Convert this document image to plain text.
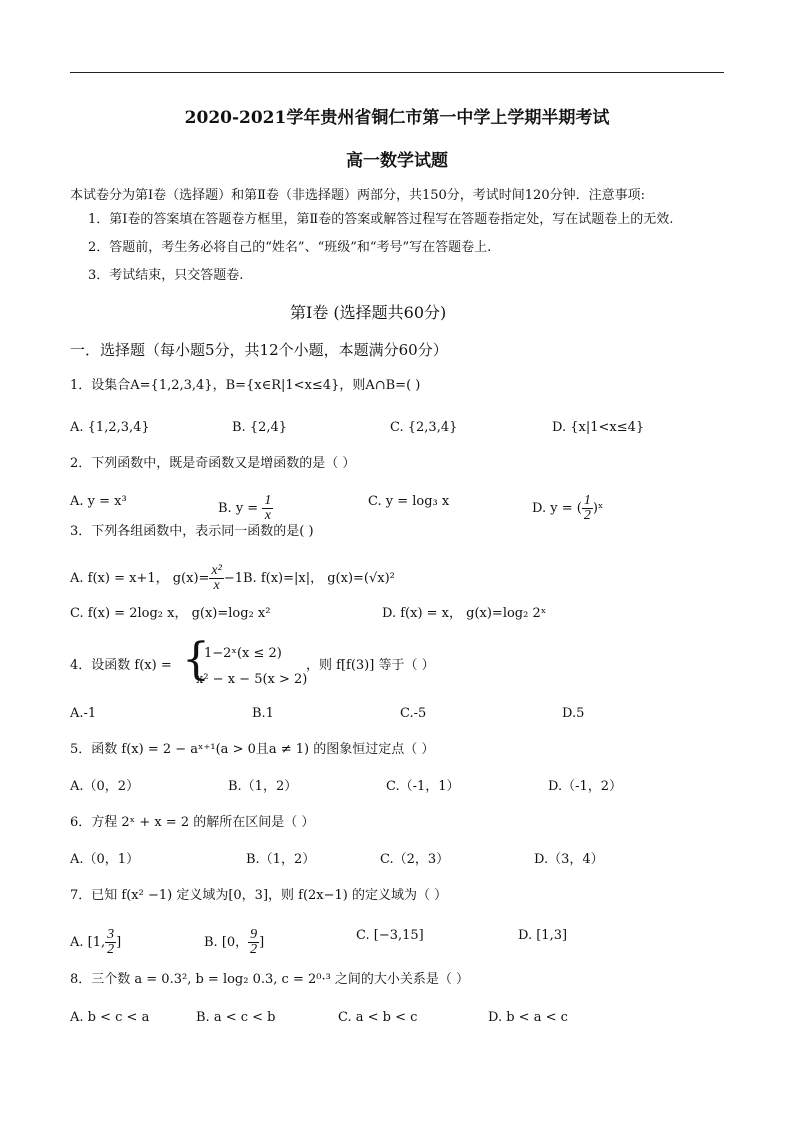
2020-2021学年贵州省铜仁市第一中学上学期半期考试
高一数学试题
本试卷分为第Ⅰ卷（选择题）和第Ⅱ卷（非选择题）两部分，共150分，考试时间120分钟．注意事项:
1．第Ⅰ卷的答案填在答题卷方框里，第Ⅱ卷的答案或解答过程写在答题卷指定处，写在试题卷上的无效.
2．答题前，考生务必将自己的“姓名”、“班级”和“考号”写在答题卷上.
3．考试结束，只交答题卷.
第Ⅰ卷 (选择题共60分)
一．选择题（每小题5分，共12个小题，本题满分60分）
1．设集合A={1,2,3,4}，B={x∈R|1<x≤4}，则A∩B=( )
A. {1,2,3,4}	B. {2,4}	C. {2,3,4}	D. {x|1<x≤4}
2．下列函数中，既是奇函数又是增函数的是（ ）
A. y = x³	B. $y = \frac{1}{x}$	C. y = log₃ x	D. y = ( $\frac{1}{2}$ )ˣ
3．下列各组函数中，表示同一函数的是( )
A. f(x) = x+1， $g(x)= \frac{\text{x²}}{x} -1B$. f(x)=|x|， g(x)=(√x)²
C. f(x) = 2log₂ x， g(x)=log₂ x²	D. f(x) = x， g(x)=log₂ 2ˣ
4．设函数 f(x) = {
1−2ˣ(x ≤ 2)
x² − x − 5(x > 2)
，则 f[f(3)] 等于（ ）
A.-1	B.1	C.-5	D.5
5．函数 f(x) = 2 − aˣ⁺¹(a > 0且a ≠ 1) 的图象恒过定点（ ）
A.（0，2）	B.（1，2）	C.（-1，1）	D.（-1，2）
6．方程 2ˣ + x = 2 的解所在区间是（ ）
A.（0，1）	B.（1，2）	C.（2，3）	D.（3，4）
7．已知 f(x² −1) 定义域为[0，3]，则 f(2x−1) 的定义域为（ ）
A. [1, $\frac{3}{2}$ ]	B. [0， $\frac{9}{2}$ ]	C. [−3,15]	D. [1,3]
8．三个数 a = 0.3², b = log₂ 0.3, c = 2⁰·³ 之间的大小关系是（ ）
A. b < c < a	B. a < c < b	C. a < b < c	D. b < a < c
